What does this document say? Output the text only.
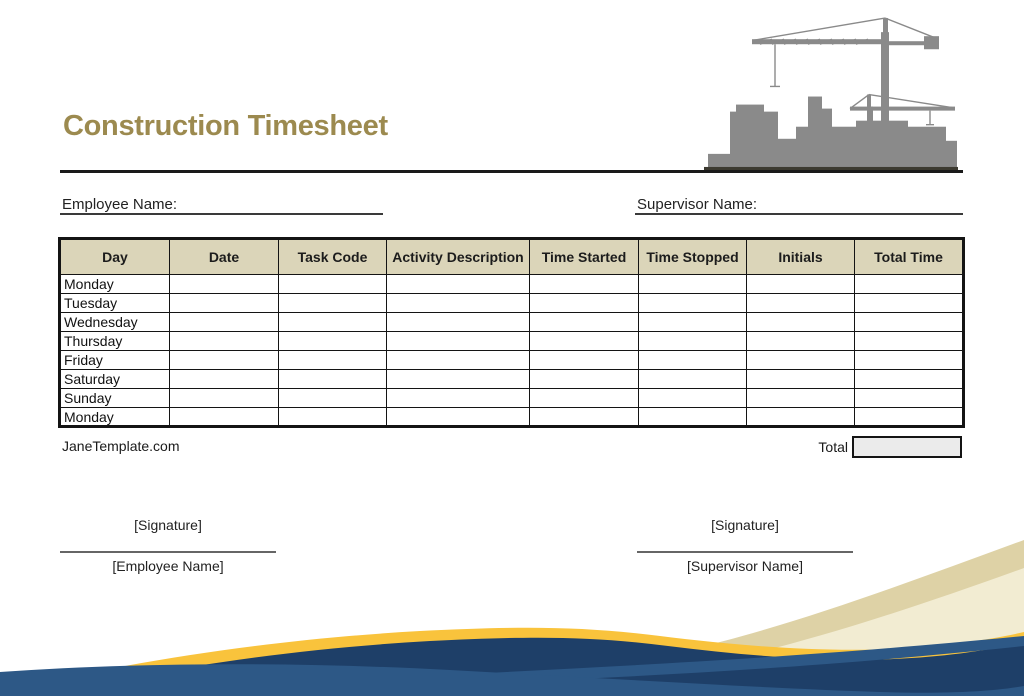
Construction Timesheet
Employee Name:	Supervisor Name:
Day	Date	Task Code	Activity Description	Time Started	Time Stopped	Initials	Total Time
Monday							
Tuesday							
Wednesday							
Thursday							
Friday							
Saturday							
Sunday							
Monday							
JaneTemplate.com	Total
[Signature]
[Employee Name]
[Signature]
[Supervisor Name]
